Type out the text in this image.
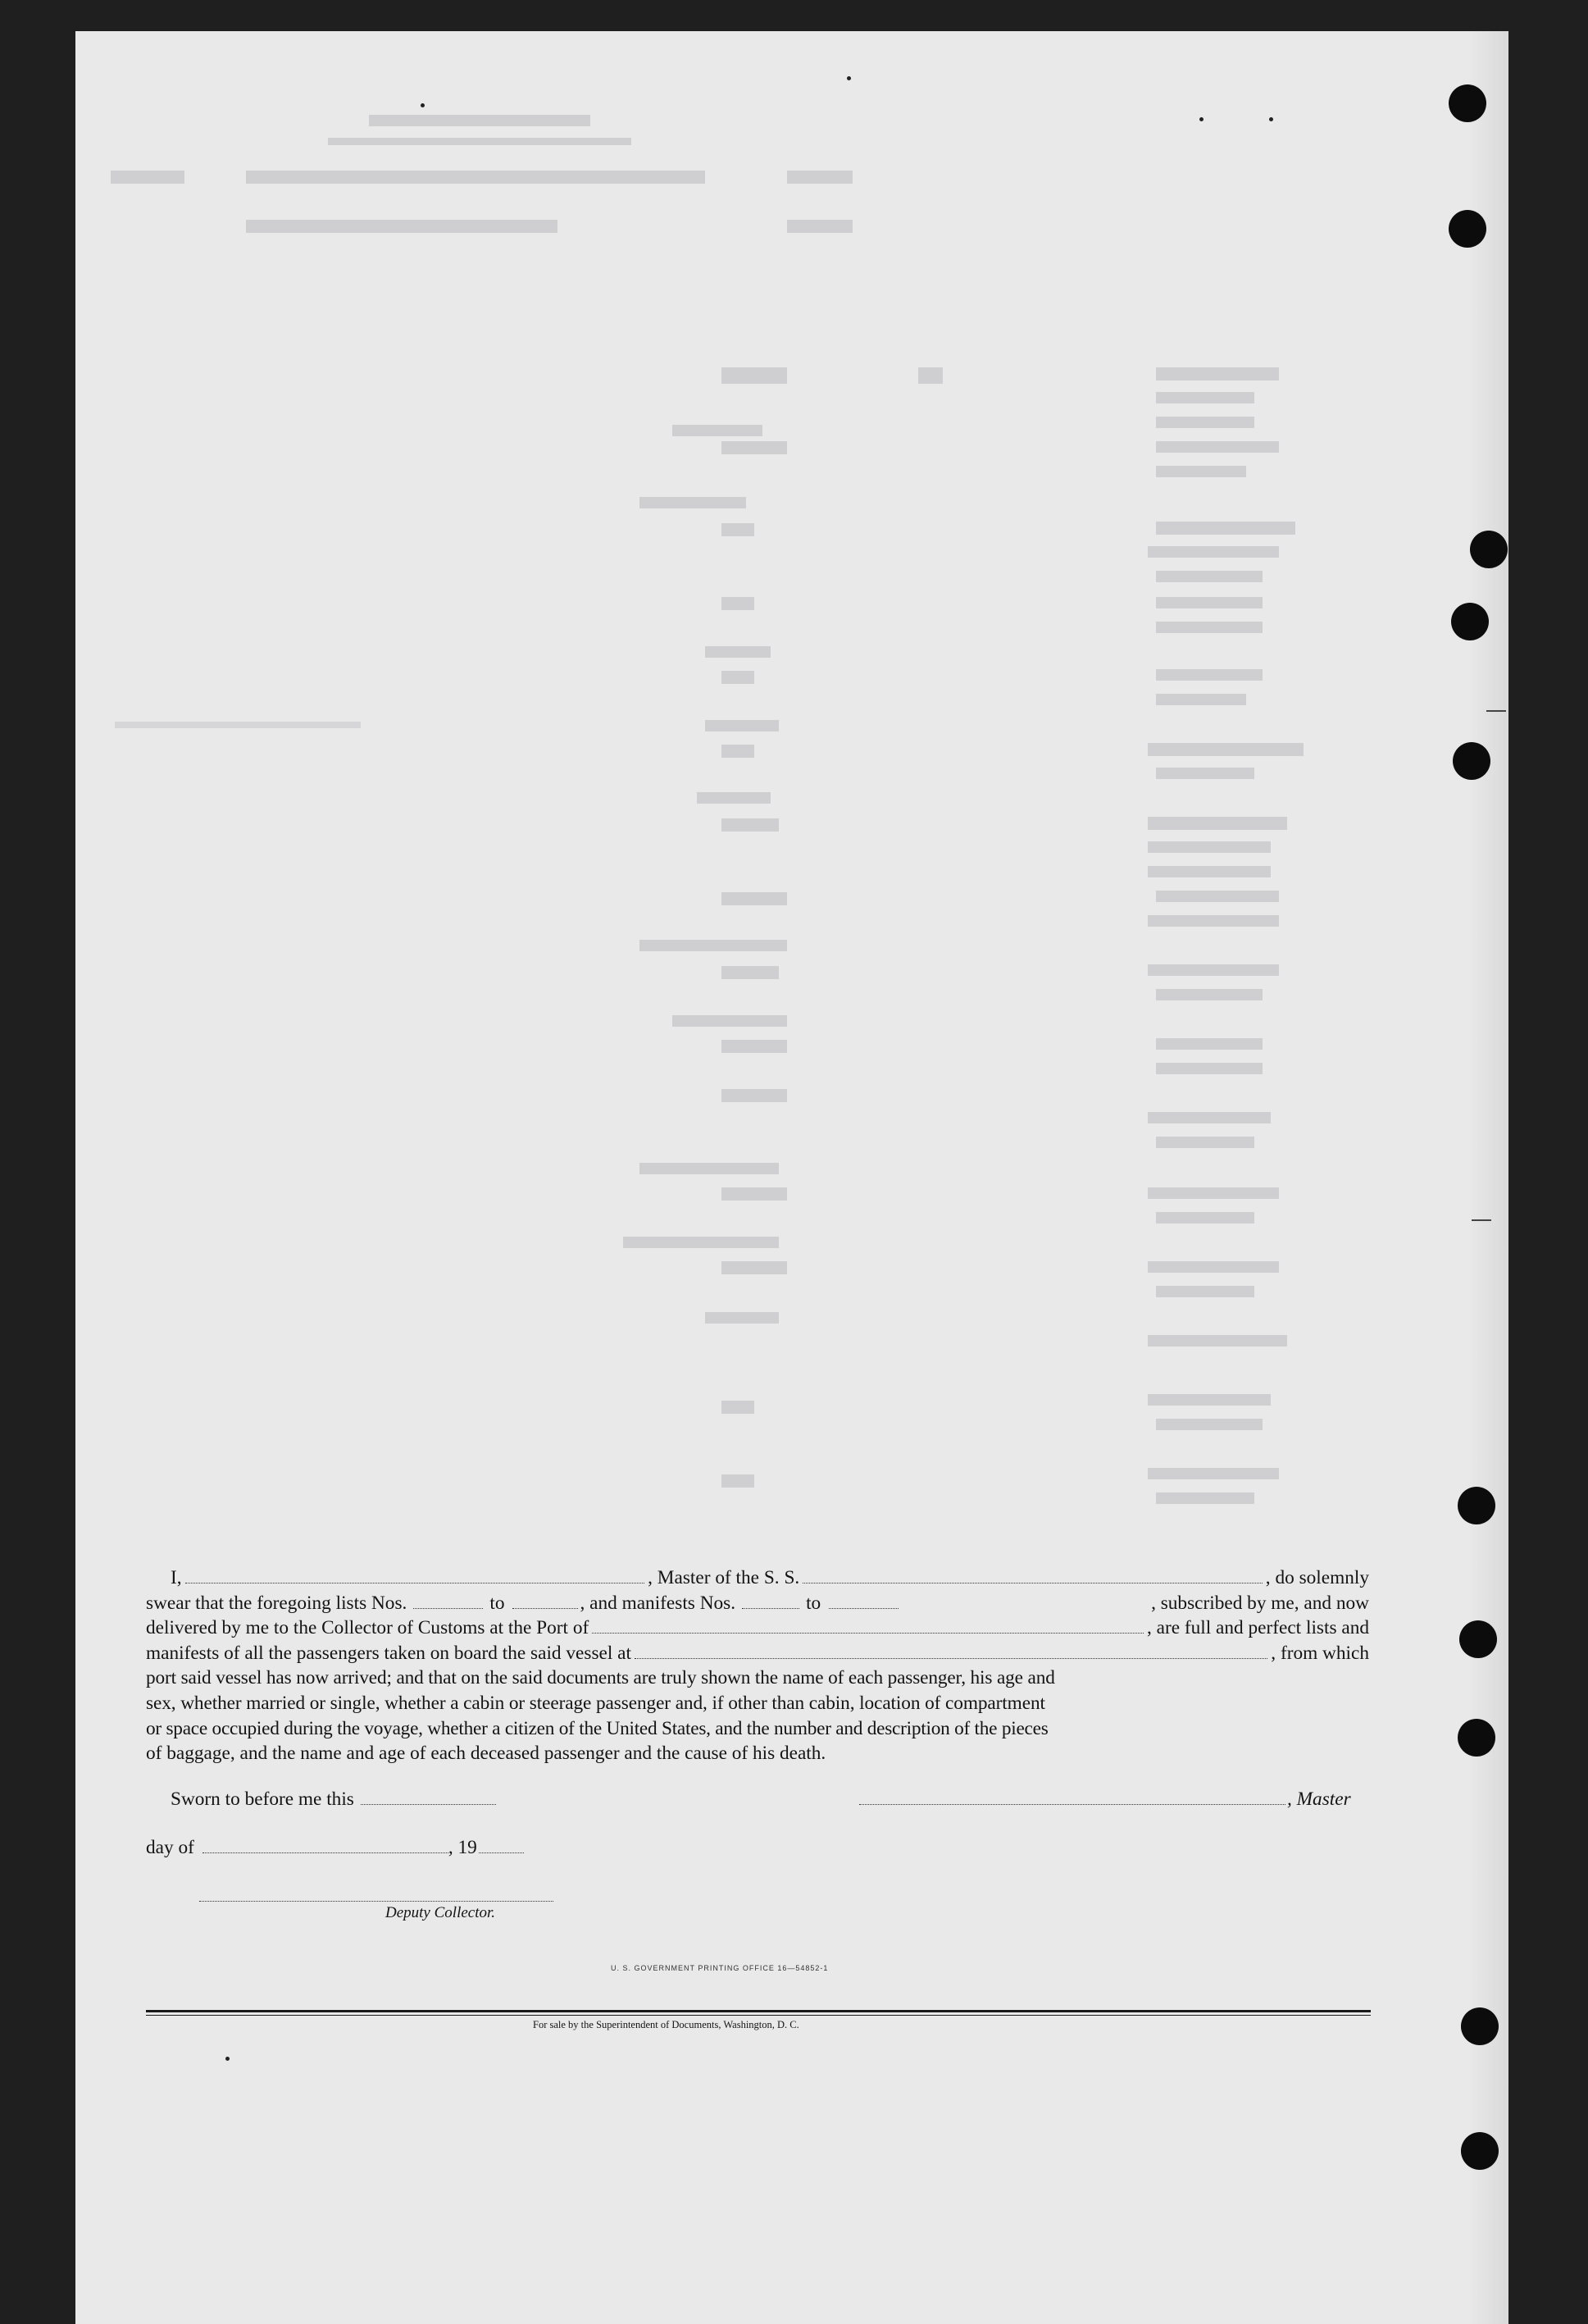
I,	, Master of the S. S.	, do solemnly
swear that the foregoing lists Nos.	to	, and manifests Nos.	to	, subscribed by me, and now
delivered by me to the Collector of Customs at the Port of	, are full and perfect lists and
manifests of all the passengers taken on board the said vessel at	, from which
port said vessel has now arrived; and that on the said documents are truly shown the name of each passenger, his age and
sex, whether married or single, whether a cabin or steerage passenger and, if other than cabin, location of compartment
or space occupied during the voyage, whether a citizen of the United States, and the number and description of the pieces
of baggage, and the name and age of each deceased passenger and the cause of his death.
Sworn to before me this	, Master
day of	, 19
Deputy Collector.
U. S. GOVERNMENT PRINTING OFFICE 16—54852-1
For sale by the Superintendent of Documents, Washington, D. C.
